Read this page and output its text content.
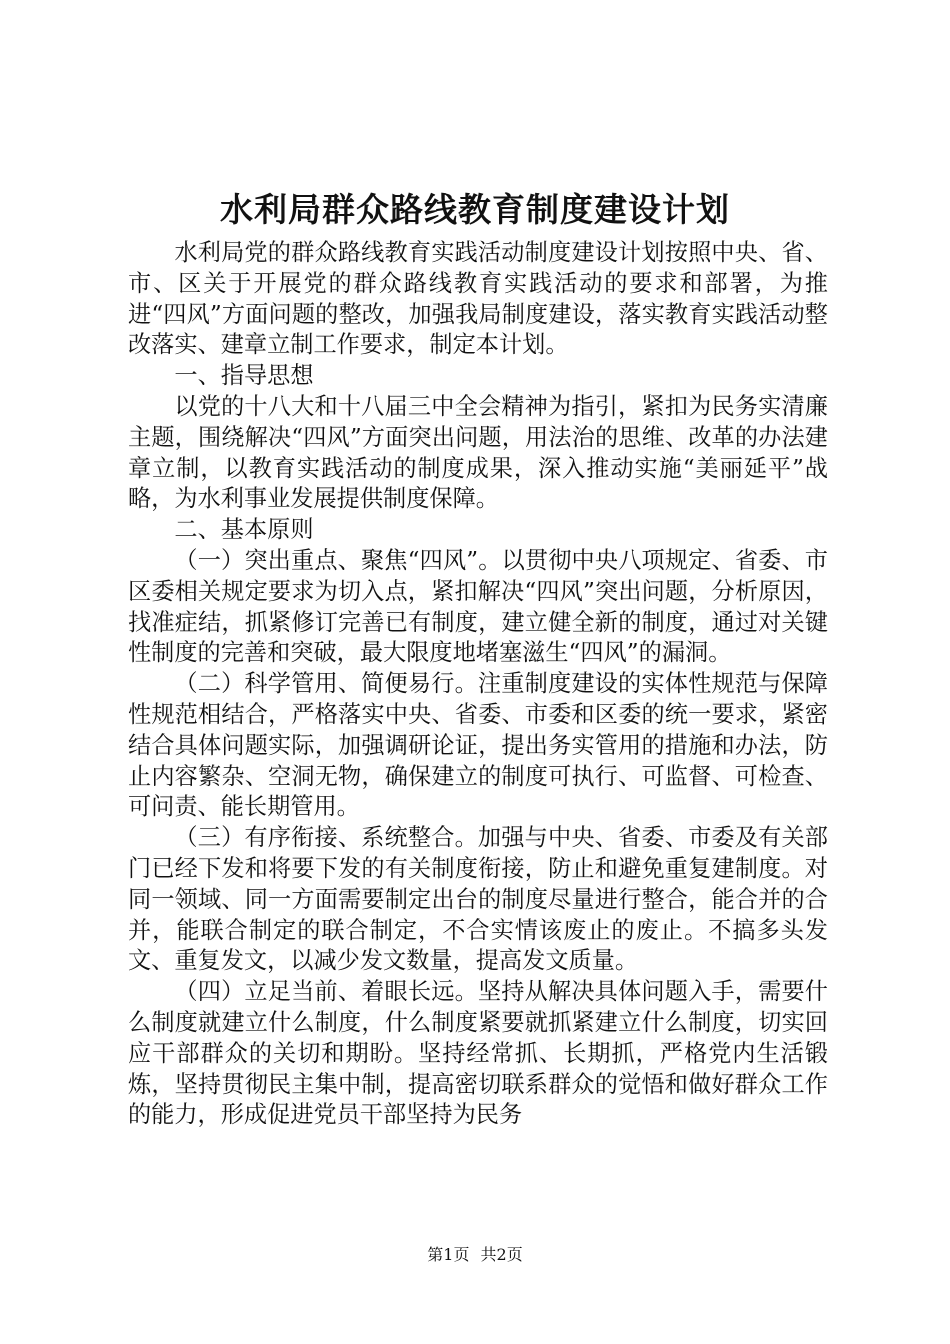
水利局群众路线教育制度建设计划

水利局党的群众路线教育实践活动制度建设计划按照中央、省、市、区关于开展党的群众路线教育实践活动的要求和部署，为推进“四风”方面问题的整改，加强我局制度建设，落实教育实践活动整改落实、建章立制工作要求，制定本计划。

一、指导思想

以党的十八大和十八届三中全会精神为指引，紧扣为民务实清廉主题，围绕解决“四风”方面突出问题，用法治的思维、改革的办法建章立制，以教育实践活动的制度成果，深入推动实施“美丽延平”战略，为水利事业发展提供制度保障。

二、基本原则

（一）突出重点、聚焦“四风”。以贯彻中央八项规定、省委、市区委相关规定要求为切入点，紧扣解决“四风”突出问题，分析原因，找准症结，抓紧修订完善已有制度，建立健全新的制度，通过对关键性制度的完善和突破，最大限度地堵塞滋生“四风”的漏洞。

（二）科学管用、简便易行。注重制度建设的实体性规范与保障性规范相结合，严格落实中央、省委、市委和区委的统一要求，紧密结合具体问题实际，加强调研论证，提出务实管用的措施和办法，防止内容繁杂、空洞无物，确保建立的制度可执行、可监督、可检查、可问责、能长期管用。

（三）有序衔接、系统整合。加强与中央、省委、市委及有关部门已经下发和将要下发的有关制度衔接，防止和避免重复建制度。对同一领域、同一方面需要制定出台的制度尽量进行整合，能合并的合并，能联合制定的联合制定，不合实情该废止的废止。不搞多头发文、重复发文，以减少发文数量，提高发文质量。

（四）立足当前、着眼长远。坚持从解决具体问题入手，需要什么制度就建立什么制度，什么制度紧要就抓紧建立什么制度，切实回应干部群众的关切和期盼。坚持经常抓、长期抓，严格党内生活锻炼，坚持贯彻民主集中制，提高密切联系群众的觉悟和做好群众工作的能力，形成促进党员干部坚持为民务

第1页 共2页
